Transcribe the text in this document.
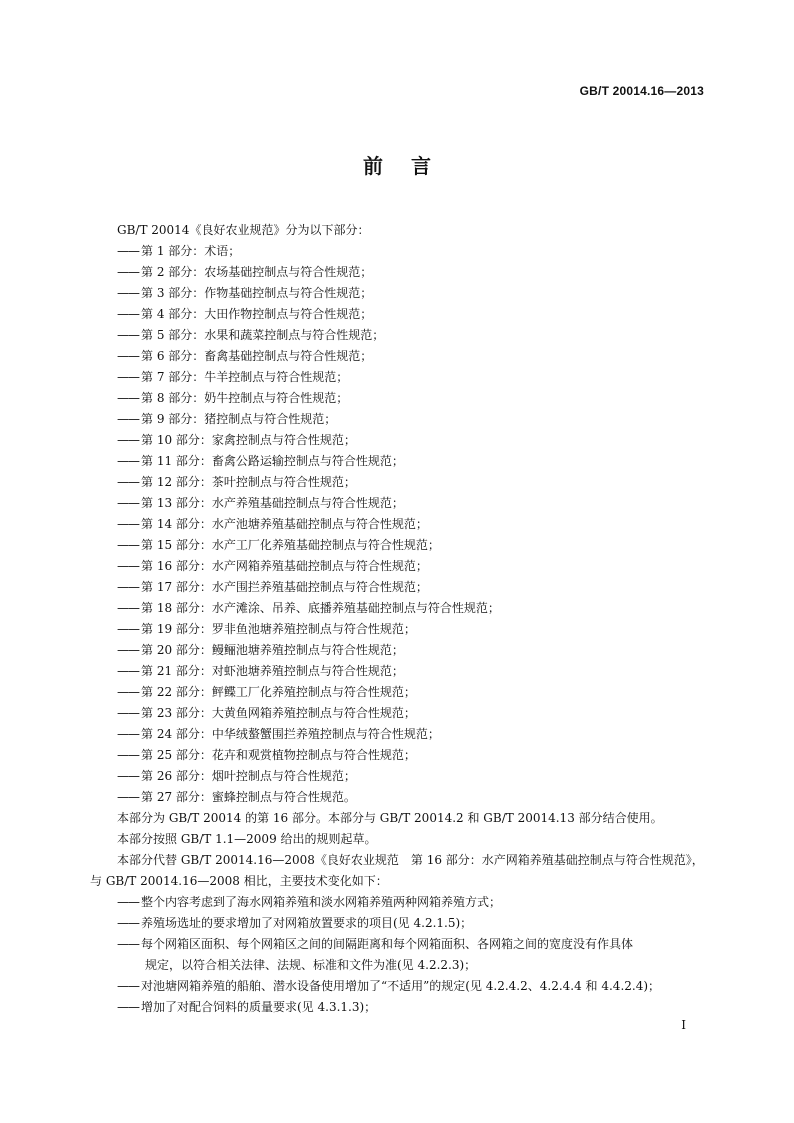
GB/T 20014.16—2013
前言
GB/T 20014《良好农业规范》分为以下部分：
—— 第 1 部分：术语；
—— 第 2 部分：农场基础控制点与符合性规范；
—— 第 3 部分：作物基础控制点与符合性规范；
—— 第 4 部分：大田作物控制点与符合性规范；
—— 第 5 部分：水果和蔬菜控制点与符合性规范；
—— 第 6 部分：畜禽基础控制点与符合性规范；
—— 第 7 部分：牛羊控制点与符合性规范；
—— 第 8 部分：奶牛控制点与符合性规范；
—— 第 9 部分：猪控制点与符合性规范；
—— 第 10 部分：家禽控制点与符合性规范；
—— 第 11 部分：畜禽公路运输控制点与符合性规范；
—— 第 12 部分：茶叶控制点与符合性规范；
—— 第 13 部分：水产养殖基础控制点与符合性规范；
—— 第 14 部分：水产池塘养殖基础控制点与符合性规范；
—— 第 15 部分：水产工厂化养殖基础控制点与符合性规范；
—— 第 16 部分：水产网箱养殖基础控制点与符合性规范；
—— 第 17 部分：水产围拦养殖基础控制点与符合性规范；
—— 第 18 部分：水产滩涂、吊养、底播养殖基础控制点与符合性规范；
—— 第 19 部分：罗非鱼池塘养殖控制点与符合性规范；
—— 第 20 部分：鳗鲡池塘养殖控制点与符合性规范；
—— 第 21 部分：对虾池塘养殖控制点与符合性规范；
—— 第 22 部分：鲆鲽工厂化养殖控制点与符合性规范；
—— 第 23 部分：大黄鱼网箱养殖控制点与符合性规范；
—— 第 24 部分：中华绒螯蟹围拦养殖控制点与符合性规范；
—— 第 25 部分：花卉和观赏植物控制点与符合性规范；
—— 第 26 部分：烟叶控制点与符合性规范；
—— 第 27 部分：蜜蜂控制点与符合性规范。
本部分为 GB/T 20014 的第 16 部分。本部分与 GB/T 20014.2 和 GB/T 20014.13 部分结合使用。
本部分按照 GB/T 1.1—2009 给出的规则起草。
本部分代替 GB/T 20014.16—2008《良好农业规范　第 16 部分：水产网箱养殖基础控制点与符合性规范》，与 GB/T 20014.16—2008 相比，主要技术变化如下：
—— 整个内容考虑到了海水网箱养殖和淡水网箱养殖两种网箱养殖方式；
—— 养殖场选址的要求增加了对网箱放置要求的项目(见 4.2.1.5)；
—— 每个网箱区面积、每个网箱区之间的间隔距离和每个网箱面积、各网箱之间的宽度没有作具体
规定，以符合相关法律、法规、标准和文件为准(见 4.2.2.3)；
—— 对池塘网箱养殖的船舶、潜水设备使用增加了“不适用”的规定(见 4.2.4.2、4.2.4.4 和 4.4.2.4)；
—— 增加了对配合饲料的质量要求(见 4.3.1.3)；
I
